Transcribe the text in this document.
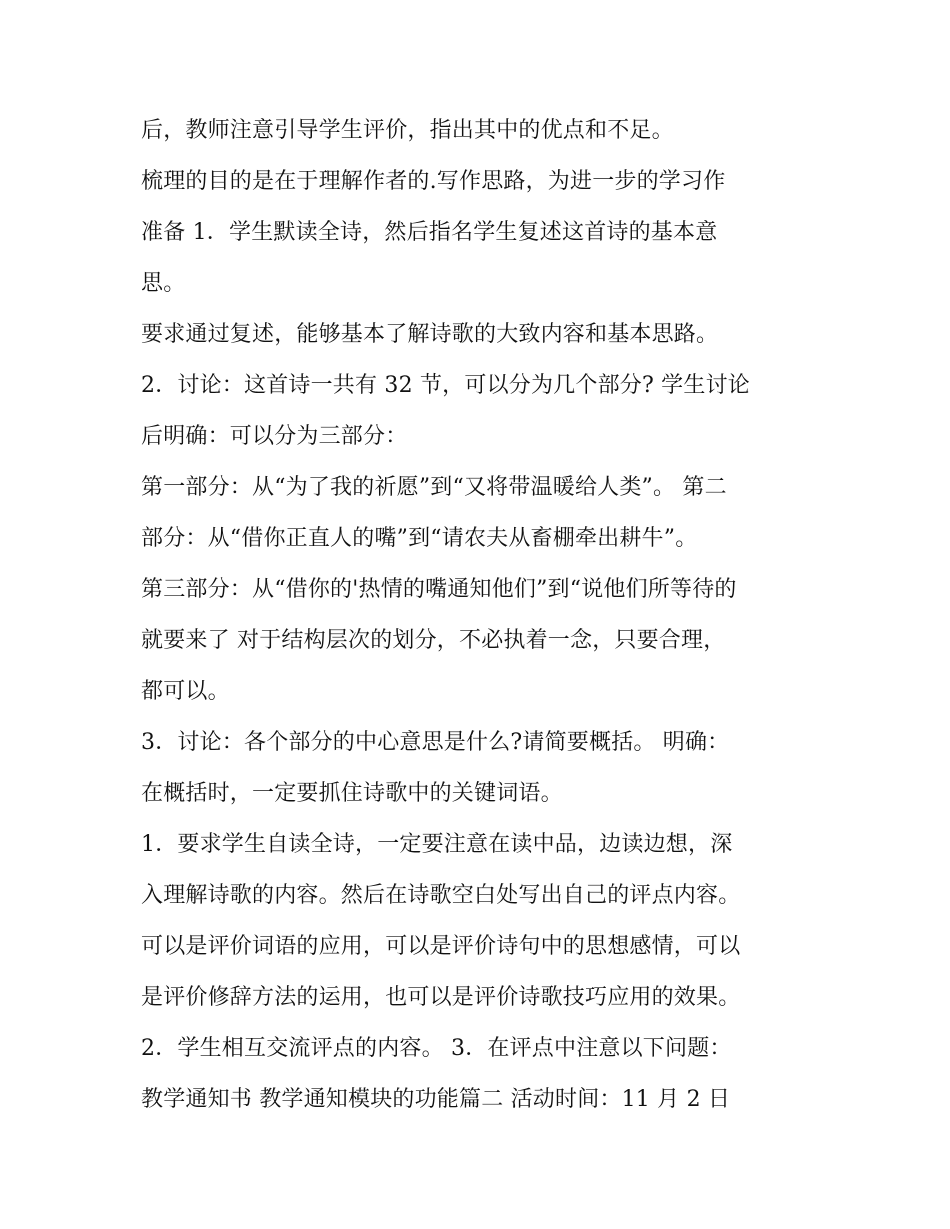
后，教师注意引导学生评价，指出其中的优点和不足。
梳理的目的是在于理解作者的.写作思路，为进一步的学习作
准备 1．学生默读全诗，然后指名学生复述这首诗的基本意
思。
要求通过复述，能够基本了解诗歌的大致内容和基本思路。
2．讨论：这首诗一共有 32 节，可以分为几个部分? 学生讨论
后明确：可以分为三部分：
第一部分：从“为了我的祈愿”到“又将带温暖给人类”。 第二
部分：从“借你正直人的嘴”到“请农夫从畜棚牵出耕牛”。
第三部分：从“借你的'热情的嘴通知他们”到“说他们所等待的
就要来了 对于结构层次的划分，不必执着一念，只要合理，
都可以。
3．讨论：各个部分的中心意思是什么?请简要概括。 明确：
在概括时，一定要抓住诗歌中的关键词语。
1．要求学生自读全诗，一定要注意在读中品，边读边想，深
入理解诗歌的内容。然后在诗歌空白处写出自己的评点内容。
可以是评价词语的应用，可以是评价诗句中的思想感情，可以
是评价修辞方法的运用，也可以是评价诗歌技巧应用的效果。
2．学生相互交流评点的内容。 3．在评点中注意以下问题：
教学通知书 教学通知模块的功能篇二 活动时间：11 月 2 日
